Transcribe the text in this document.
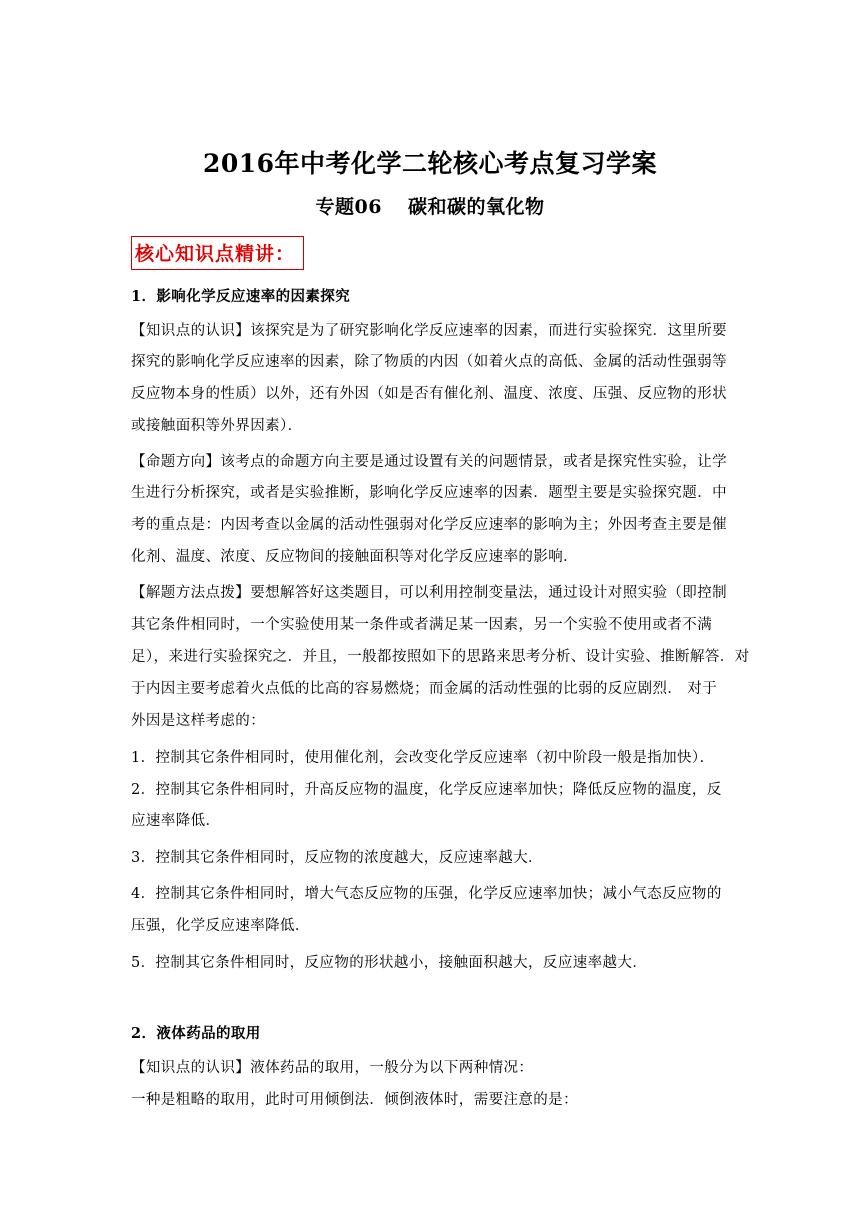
2016年中考化学二轮核心考点复习学案
专题06 碳和碳的氧化物
核心知识点精讲：
1．影响化学反应速率的因素探究
【知识点的认识】该探究是为了研究影响化学反应速率的因素，而进行实验探究．这里所要
探究的影响化学反应速率的因素，除了物质的内因（如着火点的高低、金属的活动性强弱等
反应物本身的性质）以外，还有外因（如是否有催化剂、温度、浓度、压强、反应物的形状
或接触面积等外界因素）．
【命题方向】该考点的命题方向主要是通过设置有关的问题情景，或者是探究性实验，让学
生进行分析探究，或者是实验推断，影响化学反应速率的因素．题型主要是实验探究题．中
考的重点是：内因考查以金属的活动性强弱对化学反应速率的影响为主；外因考查主要是催
化剂、温度、浓度、反应物间的接触面积等对化学反应速率的影响．
【解题方法点拨】要想解答好这类题目，可以利用控制变量法，通过设计对照实验（即控制
其它条件相同时，一个实验使用某一条件或者满足某一因素，另一个实验不使用或者不满
足），来进行实验探究之．并且，一般都按照如下的思路来思考分析、设计实验、推断解答．对
于内因主要考虑着火点低的比高的容易燃烧；而金属的活动性强的比弱的反应剧烈． 对于
外因是这样考虑的：
1．控制其它条件相同时，使用催化剂，会改变化学反应速率（初中阶段一般是指加快）．
2．控制其它条件相同时，升高反应物的温度，化学反应速率加快；降低反应物的温度，反
应速率降低．
3．控制其它条件相同时，反应物的浓度越大，反应速率越大．
4．控制其它条件相同时，增大气态反应物的压强，化学反应速率加快；减小气态反应物的
压强，化学反应速率降低．
5．控制其它条件相同时，反应物的形状越小，接触面积越大，反应速率越大．
2．液体药品的取用
【知识点的认识】液体药品的取用，一般分为以下两种情况：
一种是粗略的取用，此时可用倾倒法．倾倒液体时，需要注意的是：
